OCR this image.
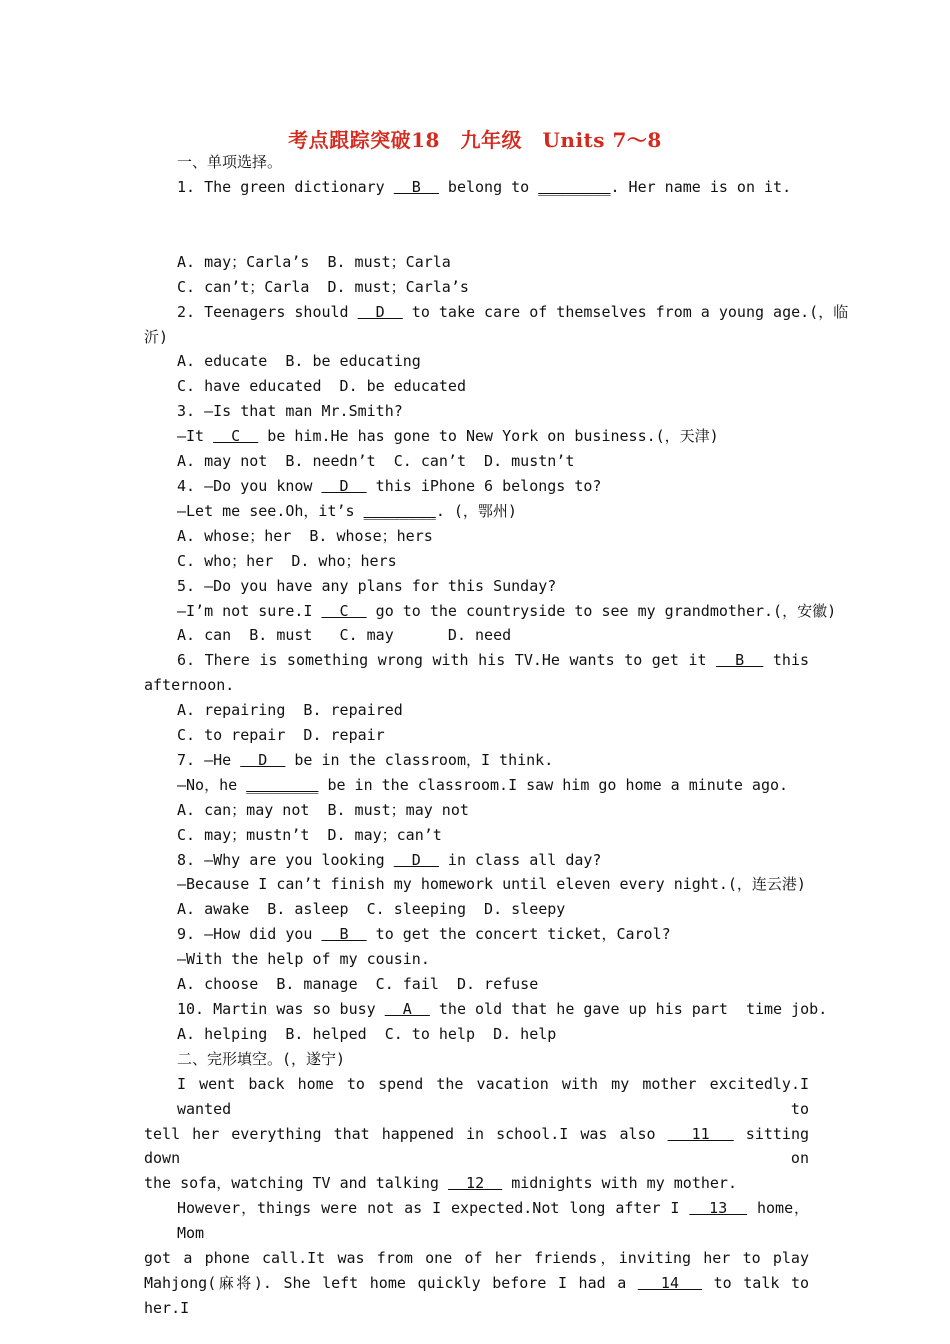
考点跟踪突破18　九年级　Units 7～8
一、单项选择。
1. The green dictionary   B   belong to ________. Her name is on it.
A. may；Carla’s  B. must；Carla
C. can’t；Carla  D. must；Carla’s
2. Teenagers should   D   to take care of themselves from a young age.(，临
沂)
A. educate  B. be educating
C. have educated  D. be educated
3. —Is that man Mr.Smith?
—It   C   be him.He has gone to New York on business.(，天津)
A. may not  B. needn’t  C. can’t  D. mustn’t
4. —Do you know   D   this iPhone 6 belongs to?
—Let me see.Oh，it’s ________. (，鄂州)
A. whose；her  B. whose；hers
C. who；her  D. who；hers
5. —Do you have any plans for this Sunday?
—I’m not sure.I   C   go to the countryside to see my grandmother.(，安徽)
A. can  B. must   C. may      D. need
6. There is something wrong with his TV.He wants to get it   B   this
afternoon.
A. repairing  B. repaired
C. to repair  D. repair
7. —He   D   be in the classroom，I think.
—No，he ________ be in the classroom.I saw him go home a minute ago.
A. can；may not  B. must；may not
C. may；mustn’t  D. may；can’t
8. —Why are you looking   D   in class all day?
—Because I can’t finish my homework until eleven every night.(，连云港)
A. awake  B. asleep  C. sleeping  D. sleepy
9. —How did you   B   to get the concert ticket，Carol?
—With the help of my cousin.
A. choose  B. manage  C. fail  D. refuse
10. Martin was so busy   A   the old that he gave up his part  time job.
A. helping  B. helped  C. to help  D. help
二、完形填空。(，遂宁)
I went back home to spend the vacation with my mother excitedly.I wanted to
tell her everything that happened in school.I was also   11   sitting down on
the sofa，watching TV and talking   12   midnights with my mother.
However，things were not as I expected.Not long after I   13   home，Mom
got a phone call.It was from one of her friends，inviting her to play
Mahjong(麻将). She left home quickly before I had a   14   to talk to her.I
